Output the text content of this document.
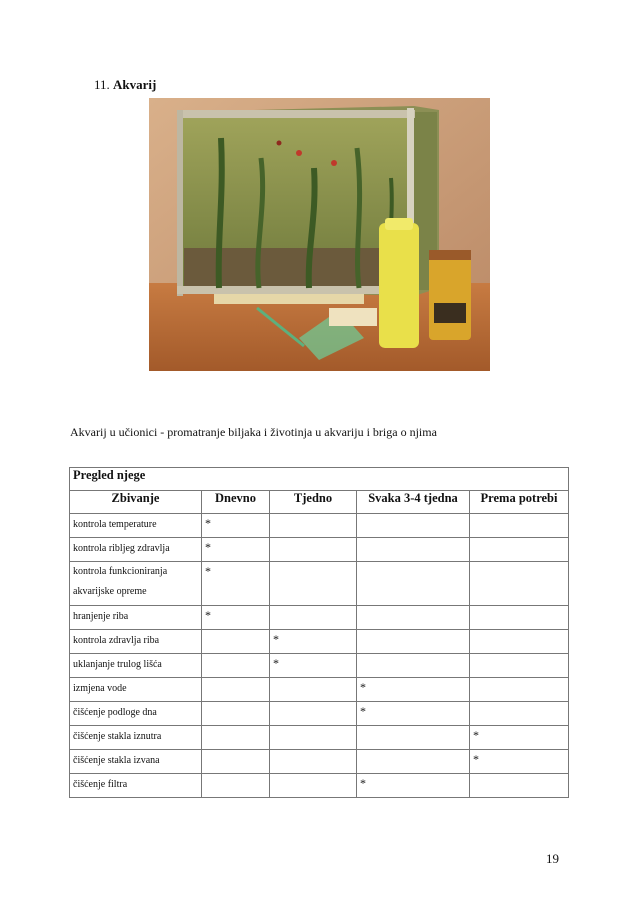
11. Akvarij
Akvarij u učionici - promatranje biljaka i životinja u akvariju i briga o njima
Pregled njege				
Zbivanje	Dnevno	Tjedno	Svaka 3-4 tjedna	Prema potrebi
kontrola temperature	*			
kontrola ribljeg zdravlja	*			

kontrola funkcioniranja
akvarijske opreme	*			
hranjenje riba	*			
kontrola zdravlja riba		*		
uklanjanje trulog lišća		*		
izmjena vode			*	
čišćenje podloge dna			*	
čišćenje stakla iznutra				*
čišćenje stakla izvana				*
čišćenje filtra			*	
19
